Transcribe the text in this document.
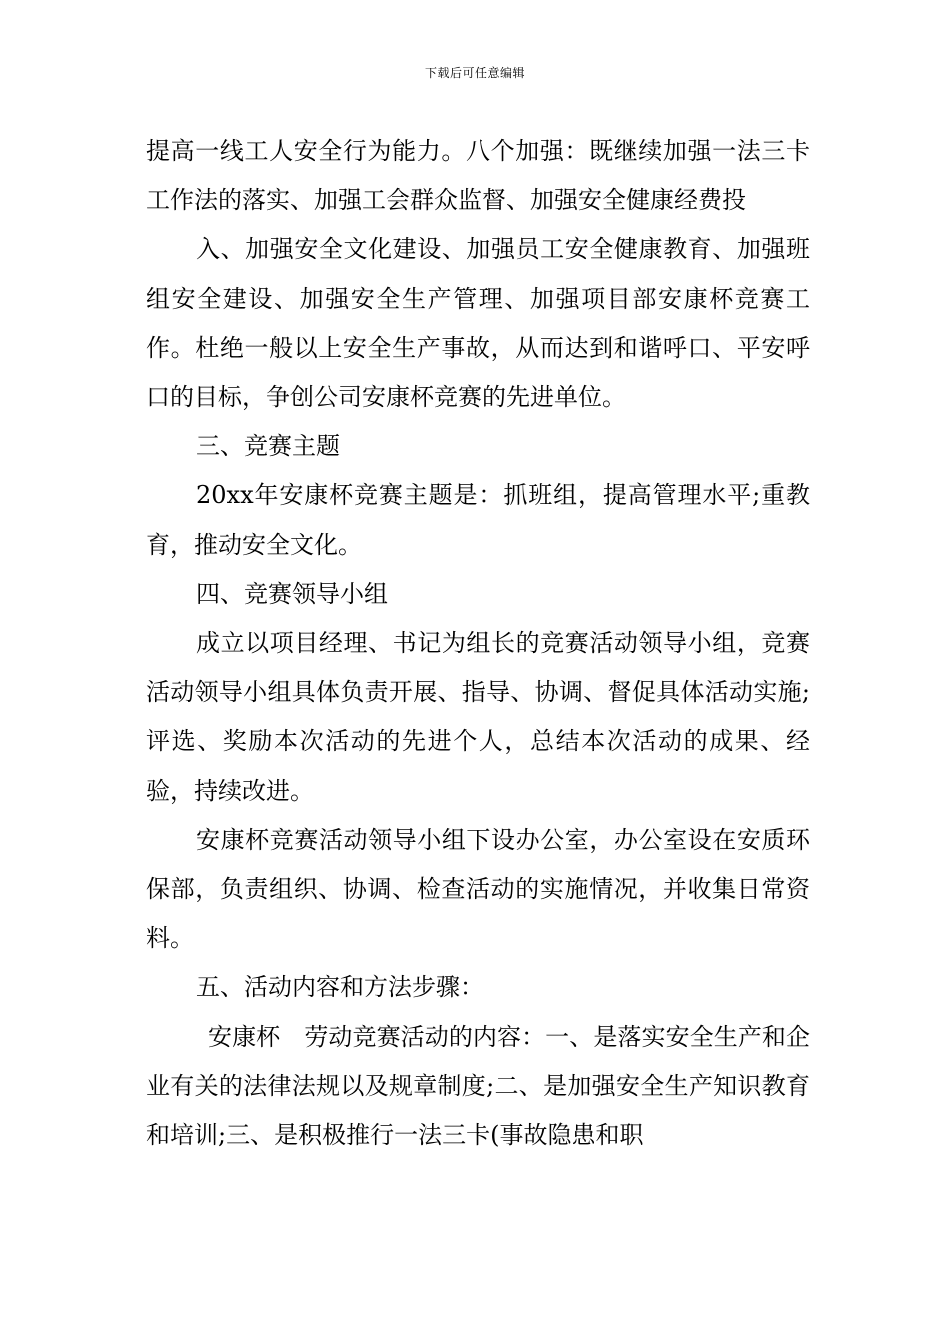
下载后可任意编辑

提高一线工人安全行为能力。八个加强：既继续加强一法三卡工作法的落实、加强工会群众监督、加强安全健康经费投

入、加强安全文化建设、加强员工安全健康教育、加强班组安全建设、加强安全生产管理、加强项目部安康杯竞赛工作。杜绝一般以上安全生产事故，从而达到和谐呼口、平安呼口的目标，争创公司安康杯竞赛的先进单位。

三、竞赛主题

20xx年安康杯竞赛主题是：抓班组，提高管理水平;重教育，推动安全文化。

四、竞赛领导小组

成立以项目经理、书记为组长的竞赛活动领导小组，竞赛活动领导小组具体负责开展、指导、协调、督促具体活动实施;评选、奖励本次活动的先进个人，总结本次活动的成果、经验，持续改进。

安康杯竞赛活动领导小组下设办公室，办公室设在安质环保部，负责组织、协调、检查活动的实施情况，并收集日常资料。

五、活动内容和方法步骤：

安康杯　劳动竞赛活动的内容：一、是落实安全生产和企业有关的法律法规以及规章制度;二、是加强安全生产知识教育和培训;三、是积极推行一法三卡(事故隐患和职
